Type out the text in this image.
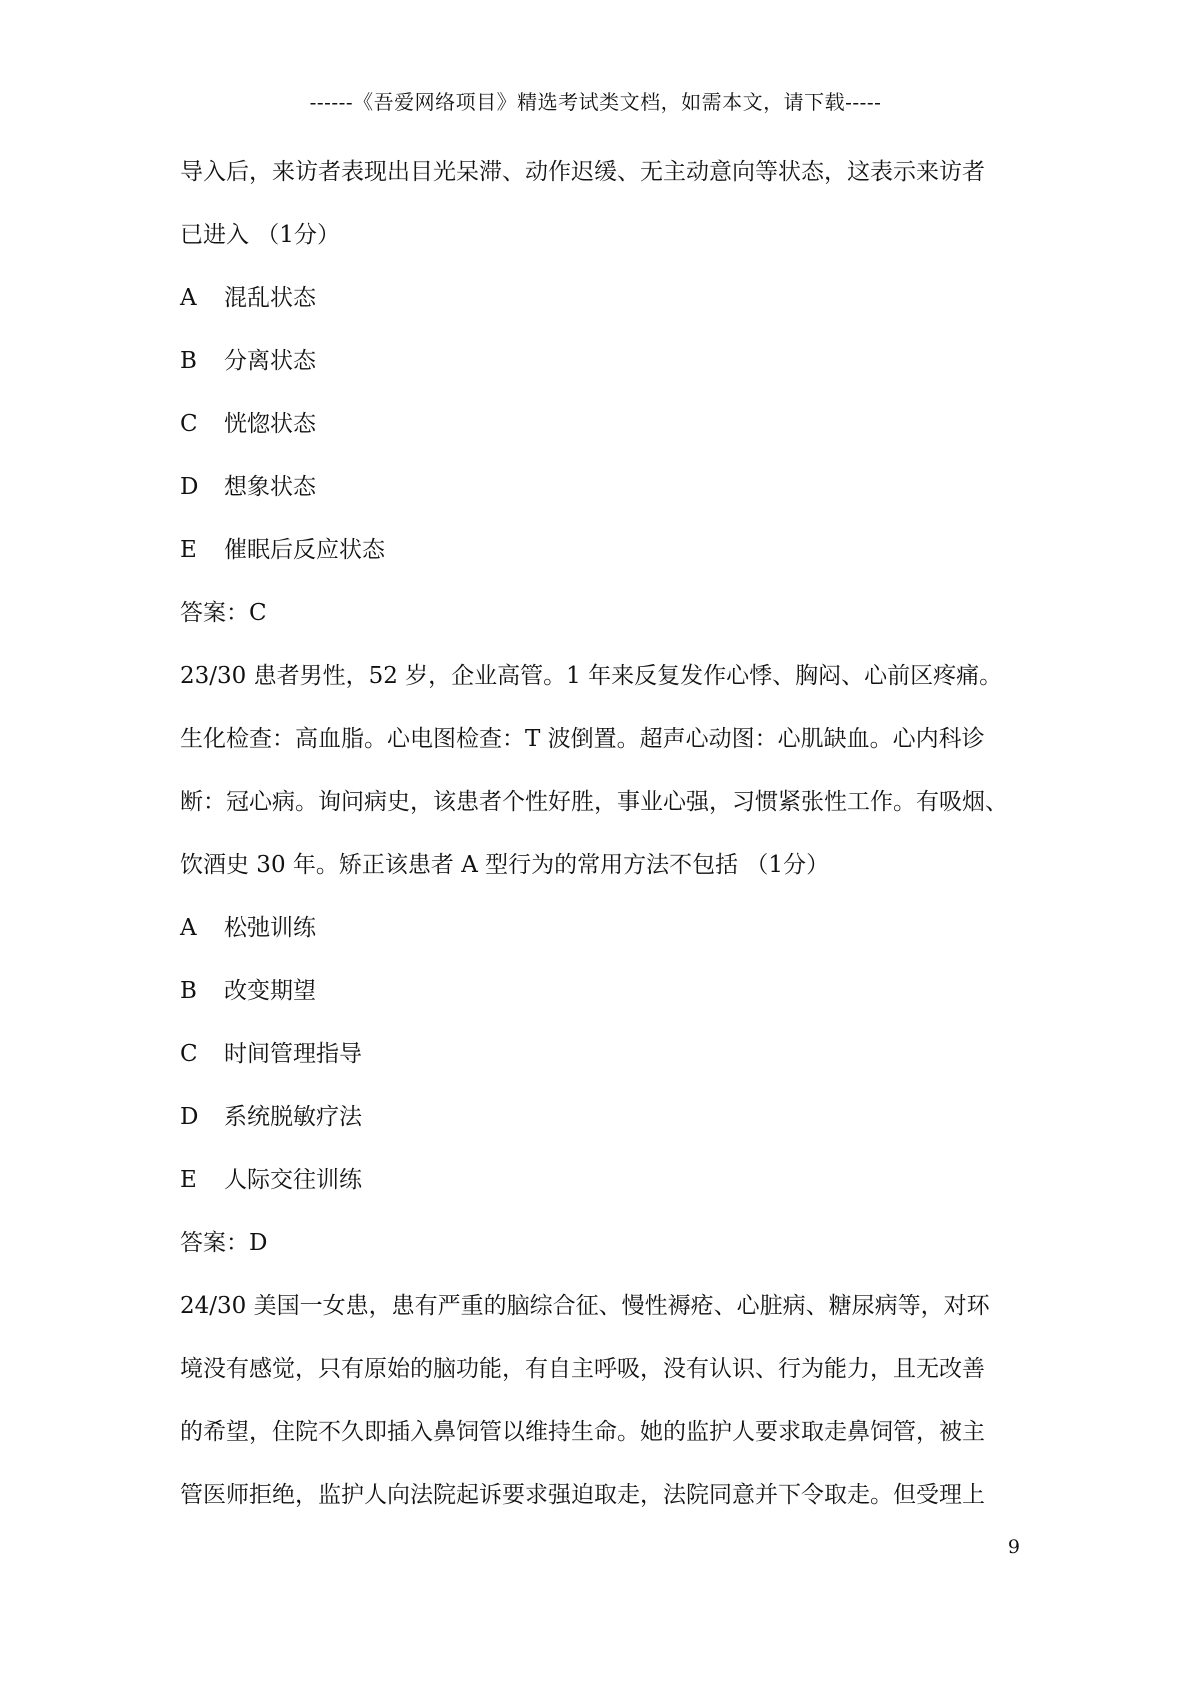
------《吾爱网络项目》精选考试类文档，如需本文，请下载-----
导入后，来访者表现出目光呆滞、动作迟缓、无主动意向等状态，这表示来访者
已进入 （1分）
A 混乱状态
B 分离状态
C 恍惚状态
D 想象状态
E 催眠后反应状态
答案：C
23/30 患者男性，52 岁，企业高管。1 年来反复发作心悸、胸闷、心前区疼痛。
生化检查：高血脂。心电图检查：T 波倒置。超声心动图：心肌缺血。心内科诊
断：冠心病。询问病史，该患者个性好胜，事业心强，习惯紧张性工作。有吸烟、
饮酒史 30 年。矫正该患者 A 型行为的常用方法不包括 （1分）
A 松弛训练
B 改变期望
C 时间管理指导
D 系统脱敏疗法
E 人际交往训练
答案：D
24/30 美国一女患，患有严重的脑综合征、慢性褥疮、心脏病、糖尿病等，对环
境没有感觉，只有原始的脑功能，有自主呼吸，没有认识、行为能力，且无改善
的希望，住院不久即插入鼻饲管以维持生命。她的监护人要求取走鼻饲管，被主
管医师拒绝，监护人向法院起诉要求强迫取走，法院同意并下令取走。但受理上
9
